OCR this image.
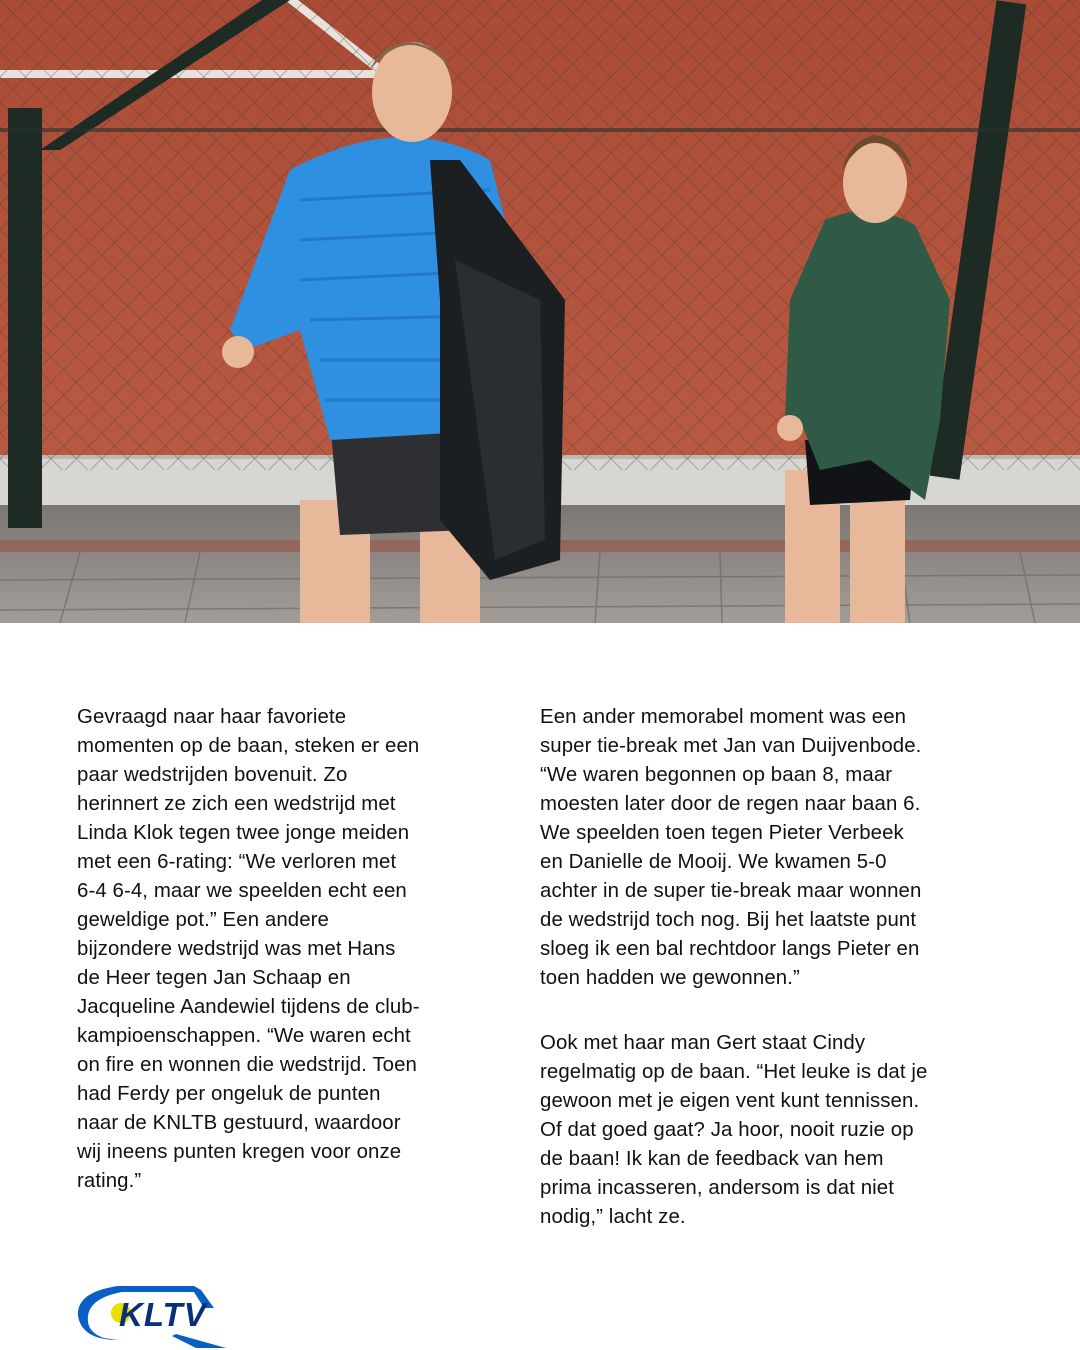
Gevraagd naar haar favoriete
momenten op de baan, steken er een
paar wedstrijden bovenuit. Zo
herinnert ze zich een wedstrijd met
Linda Klok tegen twee jonge meiden
met een 6-rating: “We verloren met
6-4 6-4, maar we speelden echt een
geweldige pot.” Een andere
bijzondere wedstrijd was met Hans
de Heer tegen Jan Schaap en
Jacqueline Aandewiel tijdens de club-
kampioenschappen. “We waren echt
on fire en wonnen die wedstrijd. Toen
had Ferdy per ongeluk de punten
naar de KNLTB gestuurd, waardoor
wij ineens punten kregen voor onze
rating.”

Een ander memorabel moment was een
super tie-break met Jan van Duijvenbode.
“We waren begonnen op baan 8, maar
moesten later door de regen naar baan 6.
We speelden toen tegen Pieter Verbeek
en Danielle de Mooij. We kwamen 5-0
achter in de super tie-break maar wonnen
de wedstrijd toch nog. Bij het laatste punt
sloeg ik een bal rechtdoor langs Pieter en
toen hadden we gewonnen.”

Ook met haar man Gert staat Cindy
regelmatig op de baan. “Het leuke is dat je
gewoon met je eigen vent kunt tennissen.
Of dat goed gaat? Ja hoor, nooit ruzie op
de baan! Ik kan de feedback van hem
prima incasseren, andersom is dat niet
nodig,” lacht ze.

KLTV
